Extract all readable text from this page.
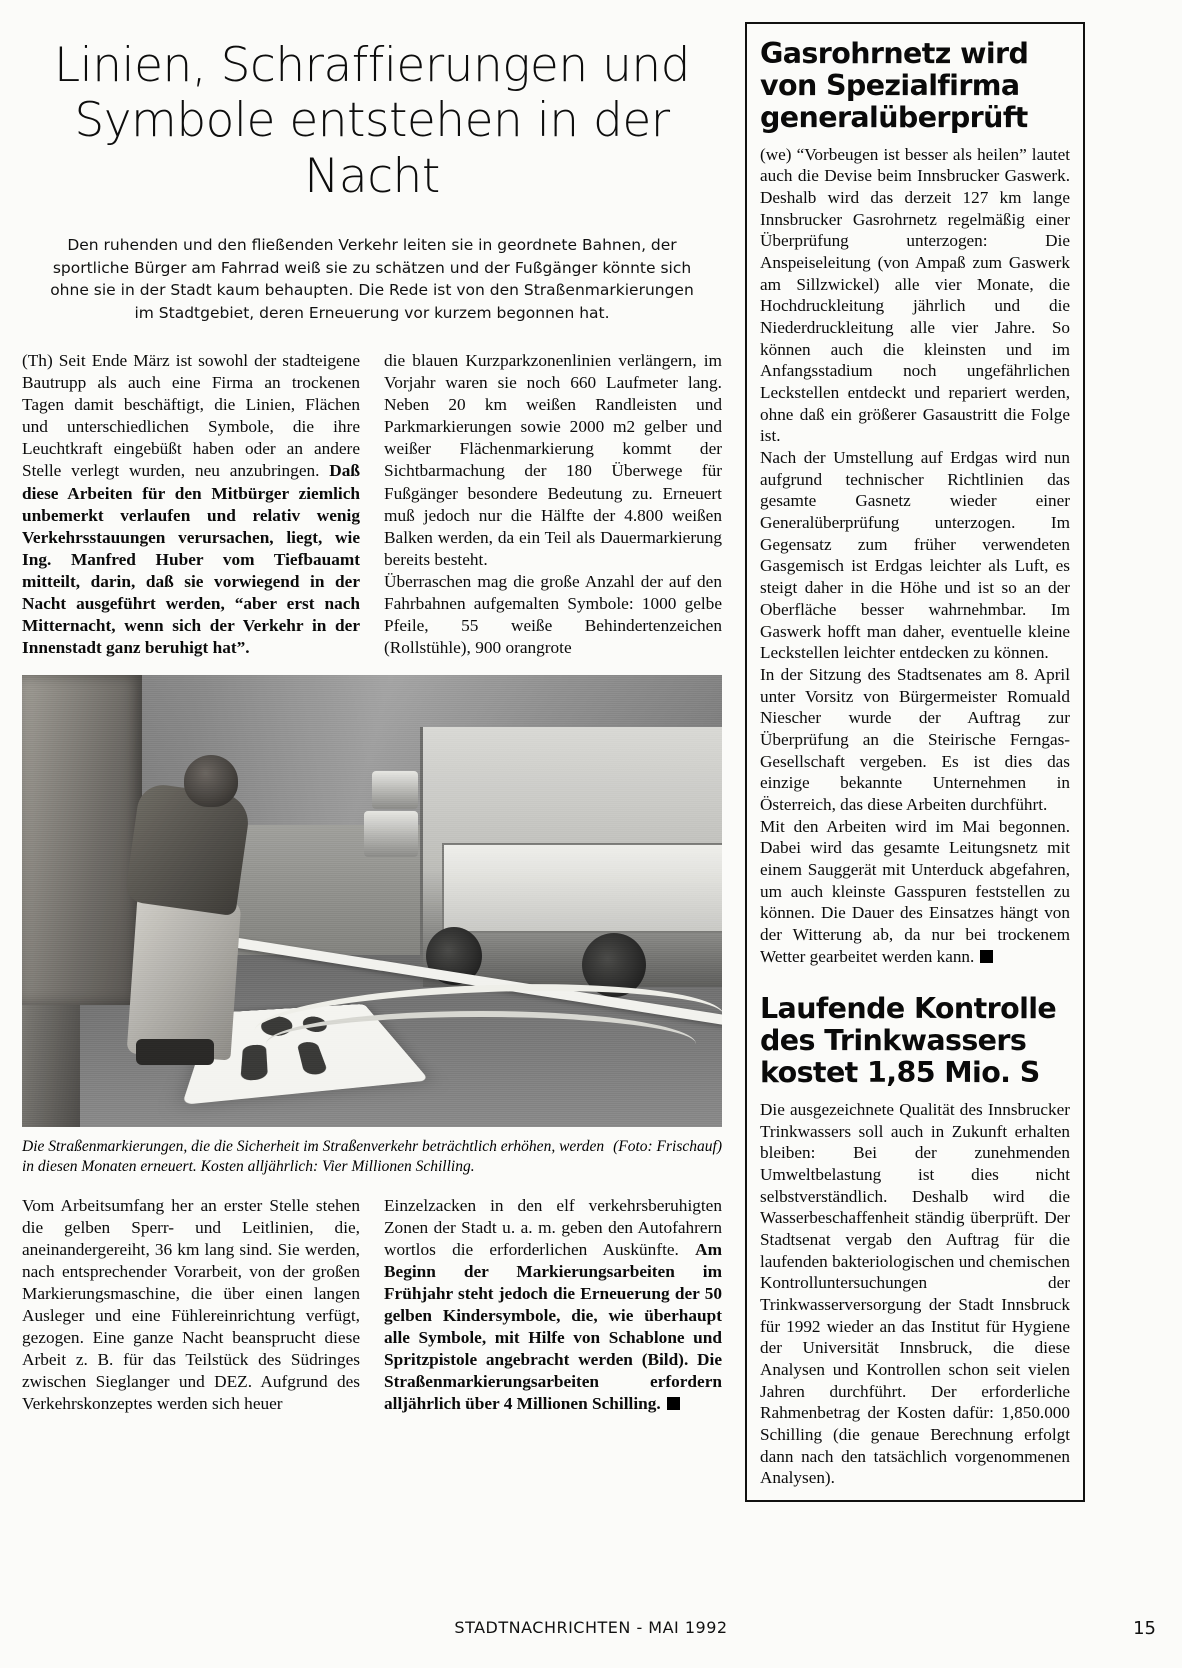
Linien, Schraffierungen und Symbole entstehen in der Nacht
Den ruhenden und den fließenden Verkehr leiten sie in geordnete Bahnen, der sportliche Bürger am Fahrrad weiß sie zu schätzen und der Fußgänger könnte sich ohne sie in der Stadt kaum behaupten. Die Rede ist von den Straßenmarkierungen im Stadtgebiet, deren Erneuerung vor kurzem begonnen hat.

(Th) Seit Ende März ist sowohl der stadteigene Bautrupp als auch eine Firma an trockenen Tagen damit beschäftigt, die Linien, Flächen und unterschiedlichen Symbole, die ihre Leuchtkraft eingebüßt haben oder an andere Stelle verlegt wurden, neu anzubringen. Daß diese Arbeiten für den Mitbürger ziemlich unbemerkt verlaufen und relativ wenig Verkehrsstauungen verursachen, liegt, wie Ing. Manfred Huber vom Tiefbauamt mitteilt, darin, daß sie vorwiegend in der Nacht ausgeführt werden, “aber erst nach Mitternacht, wenn sich der Verkehr in der Innenstadt ganz beruhigt hat”.

die blauen Kurzparkzonenlinien verlängern, im Vorjahr waren sie noch 660 Laufmeter lang. Neben 20 km weißen Randleisten und Parkmarkierungen sowie 2000 m2 gelber und weißer Flächenmarkierung kommt der Sichtbarmachung der 180 Überwege für Fußgänger besondere Bedeutung zu. Erneuert muß jedoch nur die Hälfte der 4.800 weißen Balken werden, da ein Teil als Dauermarkierung bereits besteht.

Überraschen mag die große Anzahl der auf den Fahrbahnen aufgemalten Symbole: 1000 gelbe Pfeile, 55 weiße Behindertenzeichen (Rollstühle), 900 orangrote

(Foto: Frischauf)
Die Straßenmarkierungen, die die Sicherheit im Straßenverkehr beträchtlich erhöhen, werden in diesen Monaten erneuert. Kosten alljährlich: Vier Millionen Schilling.

Vom Arbeitsumfang her an erster Stelle stehen die gelben Sperr- und Leitlinien, die, aneinandergereiht, 36 km lang sind. Sie werden, nach entsprechender Vorarbeit, von der großen Markierungsmaschine, die über einen langen Ausleger und eine Fühlereinrichtung verfügt, gezogen. Eine ganze Nacht beansprucht diese Arbeit z. B. für das Teilstück des Südringes zwischen Sieglanger und DEZ. Aufgrund des Verkehrskonzeptes werden sich heuer

Einzelzacken in den elf verkehrsberuhigten Zonen der Stadt u. a. m. geben den Autofahrern wortlos die erforderlichen Auskünfte. Am Beginn der Markierungsarbeiten im Frühjahr steht jedoch die Erneuerung der 50 gelben Kindersymbole, die, wie überhaupt alle Symbole, mit Hilfe von Schablone und Spritzpistole angebracht werden (Bild). Die Straßenmarkierungsarbeiten erfordern alljährlich über 4 Millionen Schilling.

Gasrohrnetz wird von Spezialfirma generalüberprüft

(we) “Vorbeugen ist besser als heilen” lautet auch die Devise beim Innsbrucker Gaswerk. Deshalb wird das derzeit 127 km lange Innsbrucker Gasrohrnetz regelmäßig einer Überprüfung unterzogen: Die Anspeiseleitung (von Ampaß zum Gaswerk am Sillzwickel) alle vier Monate, die Hochdruckleitung jährlich und die Niederdruckleitung alle vier Jahre. So können auch die kleinsten und im Anfangsstadium noch ungefährlichen Leckstellen entdeckt und repariert werden, ohne daß ein größerer Gasaustritt die Folge ist.

Nach der Umstellung auf Erdgas wird nun aufgrund technischer Richtlinien das gesamte Gasnetz wieder einer Generalüberprüfung unterzogen. Im Gegensatz zum früher verwendeten Gasgemisch ist Erdgas leichter als Luft, es steigt daher in die Höhe und ist so an der Oberfläche besser wahrnehmbar. Im Gaswerk hofft man daher, eventuelle kleine Leckstellen leichter entdecken zu können.

In der Sitzung des Stadtsenates am 8. April unter Vorsitz von Bürgermeister Romuald Niescher wurde der Auftrag zur Überprüfung an die Steirische Ferngas-Gesellschaft vergeben. Es ist dies das einzige bekannte Unternehmen in Österreich, das diese Arbeiten durchführt.

Mit den Arbeiten wird im Mai begonnen. Dabei wird das gesamte Leitungsnetz mit einem Sauggerät mit Unterduck abgefahren, um auch kleinste Gasspuren feststellen zu können. Die Dauer des Einsatzes hängt von der Witterung ab, da nur bei trockenem Wetter gearbeitet werden kann.

Laufende Kontrolle des Trinkwassers kostet 1,85 Mio. S

Die ausgezeichnete Qualität des Innsbrucker Trinkwassers soll auch in Zukunft erhalten bleiben: Bei der zunehmenden Umweltbelastung ist dies nicht selbstverständlich. Deshalb wird die Wasserbeschaffenheit ständig überprüft. Der Stadtsenat vergab den Auftrag für die laufenden bakteriologischen und chemischen Kontrolluntersuchungen der Trinkwasserversorgung der Stadt Innsbruck für 1992 wieder an das Institut für Hygiene der Universität Innsbruck, die diese Analysen und Kontrollen schon seit vielen Jahren durchführt. Der erforderliche Rahmenbetrag der Kosten dafür: 1,850.000 Schilling (die genaue Berechnung erfolgt dann nach den tatsächlich vorgenommenen Analysen).

STADTNACHRICHTEN - MAI 1992	15
